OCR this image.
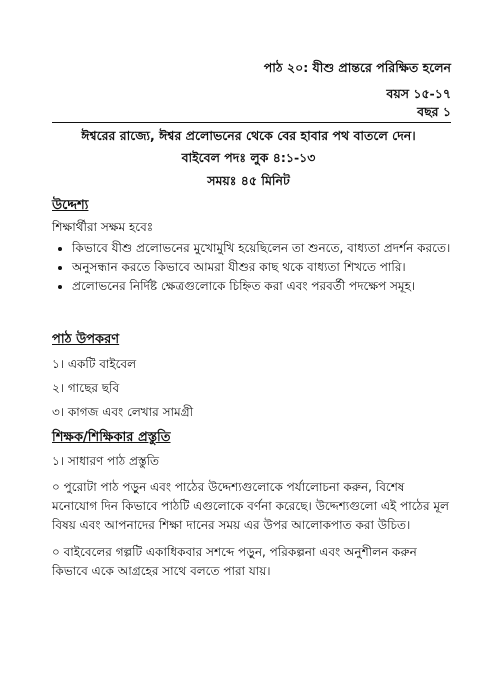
পাঠ ২০: যীশু প্রান্তরে পরিক্ষিত হলেন
বয়স ১৫-১৭
বছর ১
ঈশ্বরের রাজ্যে, ঈশ্বর প্রলোভনের থেকে বের হাবার পথ বাতলে দেন।
বাইবেল পদঃ লুক ৪:১-১৩
সময়ঃ ৪৫ মিনিট
উদ্দেশ্য
শিক্ষার্থীরা সক্ষম হবেঃ
• কিভাবে যীশু প্রলোভনের মুখোমুখি হয়েছিলেন তা শুনতে, বাধ্যতা প্রদর্শন করতে।
• অনুসন্ধান করতে কিভাবে আমরা যীশুর কাছ থকে বাধ্যতা শিখতে পারি।
• প্রলোভনের নির্দিষ্ট ক্ষেত্রগুলোকে চিহ্নিত করা এবং পরবর্তী পদক্ষেপ সমূহ।
পাঠ উপকরণ
১। একটি বাইবেল
২। গাছের ছবি
৩। কাগজ এবং লেখার সামগ্রী
শিক্ষক/শিক্ষিকার প্রস্তুতি
১। সাধারণ পাঠ প্রস্তুতি
০ পুরোটা পাঠ পড়ুন এবং পাঠের উদ্দেশ্যগুলোকে পর্যালোচনা করুন, বিশেষ মনোযোগ দিন কিভাবে পাঠটি এগুলোকে বর্ণনা করেছে। উদ্দেশ্যগুলো এই পাঠের মূল বিষয় এবং আপনাদের শিক্ষা দানের সময় এর উপর আলোকপাত করা উচিত।
০ বাইবেলের গল্পটি একাধিকবার সশব্দে পড়ুন, পরিকল্পনা এবং অনুশীলন করুন কিভাবে একে আগ্রহের সাথে বলতে পারা যায়।
